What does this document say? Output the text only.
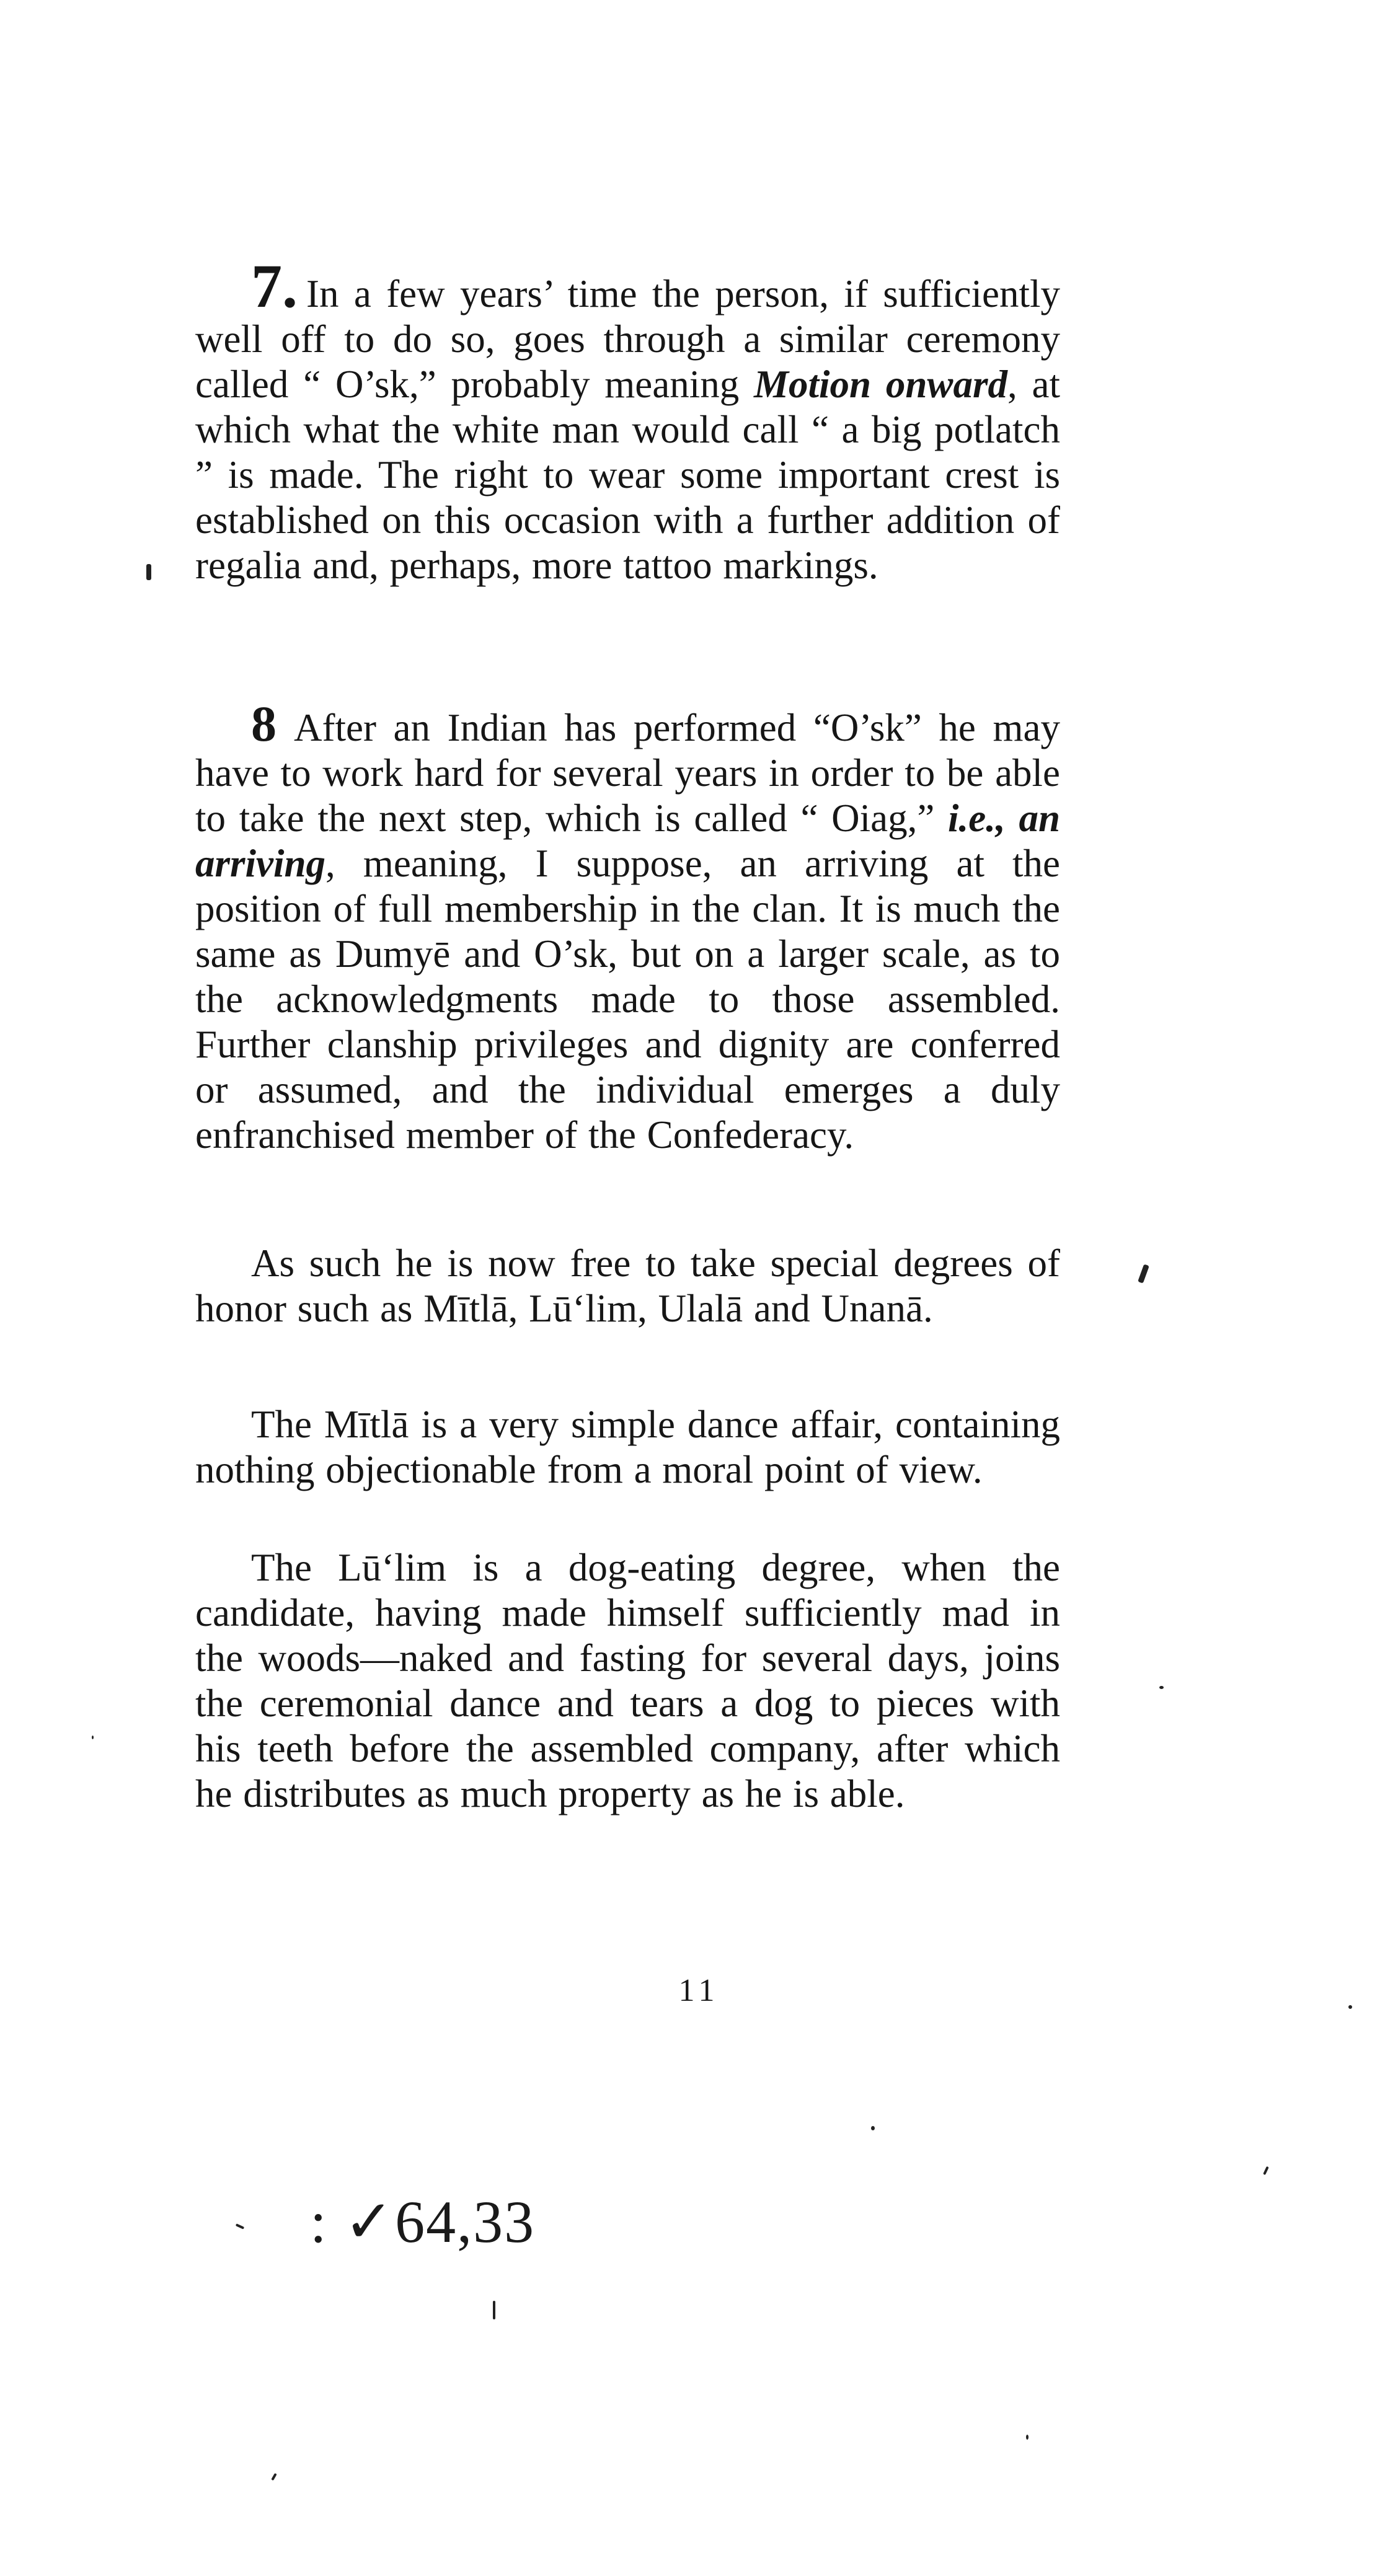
7. In a few years’ time the person, if sufficiently well off to do so, goes through a similar ceremony called “ O’sk,” probably meaning Motion onward, at which what the white man would call “ a big potlatch ” is made. The right to wear some important crest is established on this occasion with a further addition of regalia and, perhaps, more tattoo markings.

8 After an Indian has performed “O’sk” he may have to work hard for several years in order to be able to take the next step, which is called “ Oiag,” i.e., an arriving, meaning, I suppose, an arriving at the position of full membership in the clan. It is much the same as Dumyē and O’sk, but on a larger scale, as to the acknowledgments made to those assembled. Further clanship privileges and dignity are conferred or assumed, and the individual emerges a duly enfranchised member of the Confederacy.

As such he is now free to take special degrees of honor such as Mītlā, Lū‘lim, Ulalā and Unanā.

The Mītlā is a very simple dance affair, containing nothing objectionable from a moral point of view.

The Lū‘lim is a dog-eating degree, when the candidate, having made himself sufficiently mad in the woods—naked and fasting for several days, joins the ceremonial dance and tears a dog to pieces with his teeth before the assembled company, after which he distributes as much property as he is able.

11
: ✓64,33
